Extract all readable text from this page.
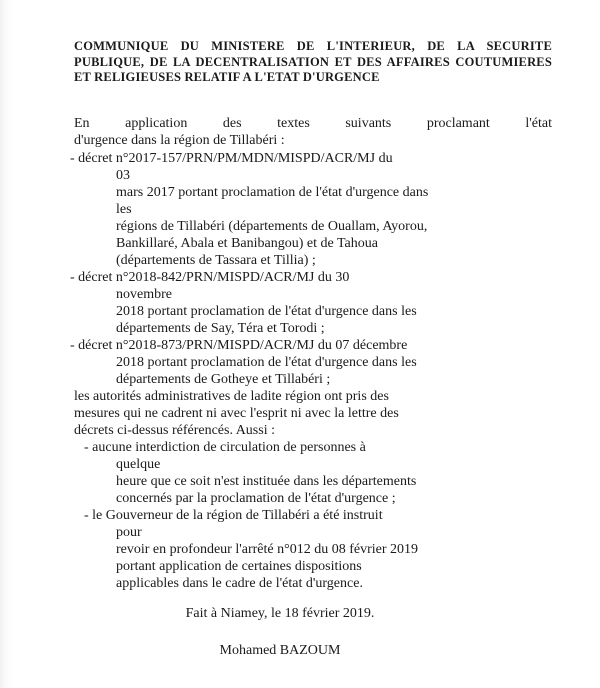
COMMUNIQUE DU MINISTERE DE L'INTERIEUR, DE LA SECURITE PUBLIQUE, DE LA DECENTRALISATION ET DES AFFAIRES COUTUMIERES ET RELIGIEUSES RELATIF A L'ETAT D'URGENCE
En application des textes suivants proclamant l'état
d'urgence dans la région de Tillabéri :
- décret n°2017-157/PRN/PM/MDN/MISPD/ACR/MJ du
03
mars 2017 portant proclamation de l'état d'urgence dans
les
régions de Tillabéri (départements de Ouallam, Ayorou,
Bankillaré, Abala et Banibangou) et de Tahoua
(départements de Tassara et Tillia) ;
- décret n°2018-842/PRN/MISPD/ACR/MJ du 30
novembre
2018 portant proclamation de l'état d'urgence dans les
départements de Say, Téra et Torodi ;
- décret n°2018-873/PRN/MISPD/ACR/MJ du 07 décembre
2018 portant proclamation de l'état d'urgence dans les
départements de Gotheye et Tillabéri ;
les autorités administratives de ladite région ont pris des
mesures qui ne cadrent ni avec l'esprit ni avec la lettre des
décrets ci-dessus référencés. Aussi :
- aucune interdiction de circulation de personnes à
quelque
heure que ce soit n'est instituée dans les départements
concernés par la proclamation de l'état d'urgence ;
- le Gouverneur de la région de Tillabéri a été instruit
pour
revoir en profondeur l'arrêté n°012 du 08 février 2019
portant application de certaines dispositions
applicables dans le cadre de l'état d'urgence.
Fait à Niamey, le 18 février 2019.
Mohamed BAZOUM
